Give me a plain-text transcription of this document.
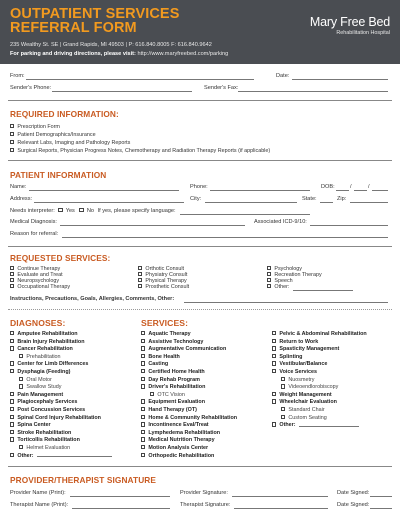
OUTPATIENT SERVICES
REFERRAL FORM
235 Wealthy St. SE | Grand Rapids, MI 49503 | P: 616.840.8005 F: 616.840.9642
For parking and driving directions, please visit: http://www.maryfreebed.com/parking
Mary Free Bed
Rehabilitation Hospital
From:	Date:
Sender's Phone:	Sender's Fax:
REQUIRED INFORMATION:
Prescription Form
Patient Demographics/Insurance
Relevant Labs, Imaging and Pathology Reports
Surgical Reports, Physician Progress Notes, Chemotherapy and Radiation Therapy Reports (if applicable)
PATIENT INFORMATION
Name:	Phone:	DOB:	/	/
Address:	City:	State:	Zip:
Needs interpreter: Yes No If yes, please specify language:
Medical Diagnosis:	Associated ICD-9/10:
Reason for referral:
REQUESTED SERVICES:
Continue Therapy
Evaluate and Treat
Neuropsychology
Occupational Therapy
Orthotic Consult
Physiatry Consult
Physical Therapy
Prosthetic Consult
Psychology
Recreation Therapy
Speech
Other:
Instructions, Precautions, Goals, Allergies, Comments, Other:
DIAGNOSES:
Amputee Rehabilitation
Brain Injury Rehabilitation
Cancer Rehabilitation
Prehabilitation
Center for Limb Differences
Dysphagia (Feeding)
Oral Motor
Swallow Study
Pain Management
Plagiocephaly Services
Post Concussion Services
Spinal Cord Injury Rehabilitation
Spina Center
Stroke Rehabilitation
Torticollis Rehabilitation
Helmet Evaluation
Other:
SERVICES:
Aquatic Therapy
Assistive Technology
Augmentative Communication
Bone Health
Casting
Certified Home Health
Day Rehab Program
Driver's Rehabilitation
OTC Vision
Equipment Evaluation
Hand Therapy (OT)
Home & Community Rehabilitation
Incontinence Eval/Treat
Lymphedema Rehabilitation
Medical Nutrition Therapy
Motion Analysis Center
Orthopedic Rehabilitation
Pelvic & Abdominal Rehabilitation
Return to Work
Spasticity Management
Splinting
Vestibular/Balance
Voice Services
Nuosmetry
Videoendlorobiscopy
Weight Management
Wheelchair Evaluation
Standard Chair
Custom Seating
Other:
PROVIDER/THERAPIST SIGNATURE
Provider Name (Print):	Provider Signature:	Date Signed:
Therapist Name (Print):	Therapist Signature:	Date Signed:
